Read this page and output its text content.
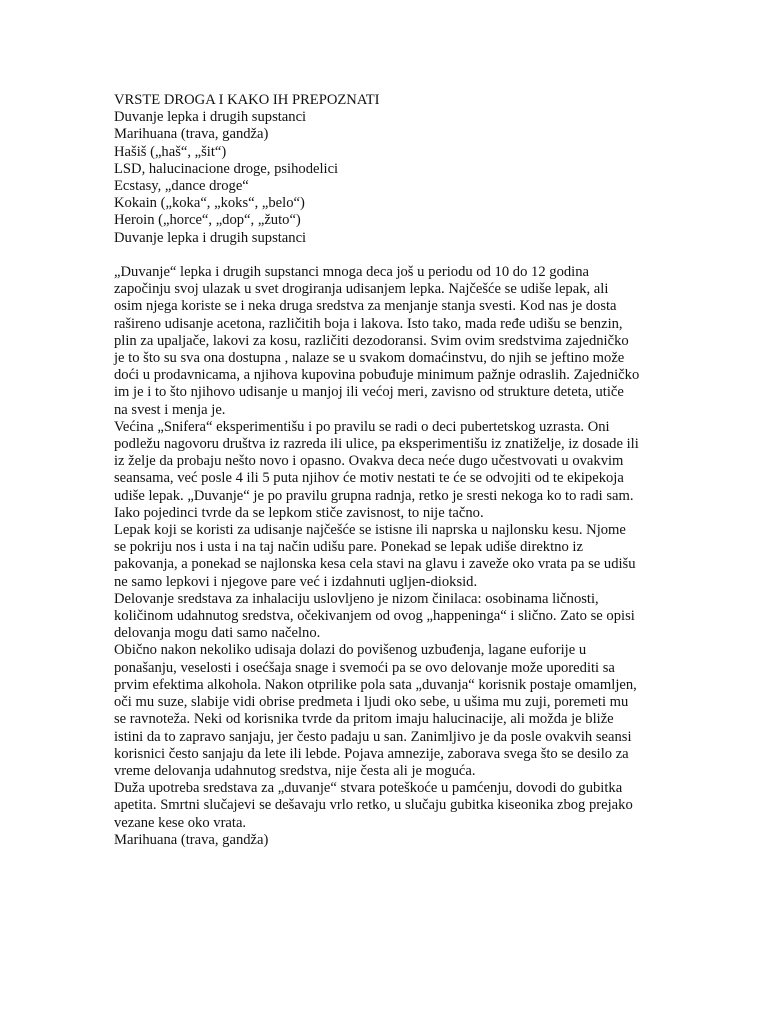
VRSTE DROGA I KAKO IH PREPOZNATI
Duvanje lepka i drugih supstanci
Marihuana (trava, gandža)
Hašiš („haš“, „šit“)
LSD, halucinacione droge, psihodelici
Ecstasy, „dance droge“
Kokain („koka“, „koks“, „belo“)
Heroin („horce“, „dop“, „žuto“)
Duvanje lepka i drugih supstanci
„Duvanje“ lepka i drugih supstanci mnoga deca još u periodu od 10 do 12 godina
započinju svoj ulazak u svet drogiranja udisanjem lepka. Najčešće se udiše lepak, ali
osim njega koriste se i neka druga sredstva za menjanje stanja svesti. Kod nas je dosta
rašireno udisanje acetona, različitih boja i lakova. Isto tako, mada ređe udišu se benzin,
plin za upaljače, lakovi za kosu, različiti dezodoransi. Svim ovim sredstvima zajedničko
je to što su sva ona dostupna , nalaze se u svakom domaćinstvu, do njih se jeftino može
doći u prodavnicama, a njihova kupovina pobuđuje minimum pažnje odraslih. Zajedničko
im je i to što njihovo udisanje u manjoj ili većoj meri, zavisno od strukture deteta, utiče
na svest i menja je.
Većina „Snifera“ eksperimentišu i po pravilu se radi o deci pubertetskog uzrasta. Oni
podležu nagovoru društva iz razreda ili ulice, pa eksperimentišu iz znatiželje, iz dosade ili
iz želje da probaju nešto novo i opasno. Ovakva deca neće dugo učestvovati u ovakvim
seansama, već posle 4 ili 5 puta njihov će motiv nestati te će se odvojiti od te ekipekoja
udiše lepak. „Duvanje“ je po pravilu grupna radnja, retko je sresti nekoga ko to radi sam.
Iako pojedinci tvrde da se lepkom stiče zavisnost, to nije tačno.
Lepak koji se koristi za udisanje najčešće se istisne ili naprska u najlonsku kesu. Njome
se pokriju nos i usta i na taj način udišu pare. Ponekad se lepak udiše direktno iz
pakovanja, a ponekad se najlonska kesa cela stavi na glavu i zaveže oko vrata pa se udišu
ne samo lepkovi i njegove pare već i izdahnuti ugljen-dioksid.
Delovanje sredstava za inhalaciju uslovljeno je nizom činilaca: osobinama ličnosti,
količinom udahnutog sredstva, očekivanjem od ovog „happeninga“ i slično. Zato se opisi
delovanja mogu dati samo načelno.
Obično nakon nekoliko udisaja dolazi do povišenog uzbuđenja, lagane euforije u
ponašanju, veselosti i osećšaja snage i svemoći pa se ovo delovanje može uporediti sa
prvim efektima alkohola. Nakon otprilike pola sata „duvanja“ korisnik postaje omamljen,
oči mu suze, slabije vidi obrise predmeta i ljudi oko sebe, u ušima mu zuji, poremeti mu
se ravnoteža. Neki od korisnika tvrde da pritom imaju halucinacije, ali možda je bliže
istini da to zapravo sanjaju, jer često padaju u san. Zanimljivo je da posle ovakvih seansi
korisnici često sanjaju da lete ili lebde. Pojava amnezije, zaborava svega što se desilo za
vreme delovanja udahnutog sredstva, nije česta ali je moguća.
Duža upotreba sredstava za „duvanje“ stvara poteškoće u pamćenju, dovodi do gubitka
apetita. Smrtni slučajevi se dešavaju vrlo retko, u slučaju gubitka kiseonika zbog prejako
vezane kese oko vrata.
Marihuana (trava, gandža)
